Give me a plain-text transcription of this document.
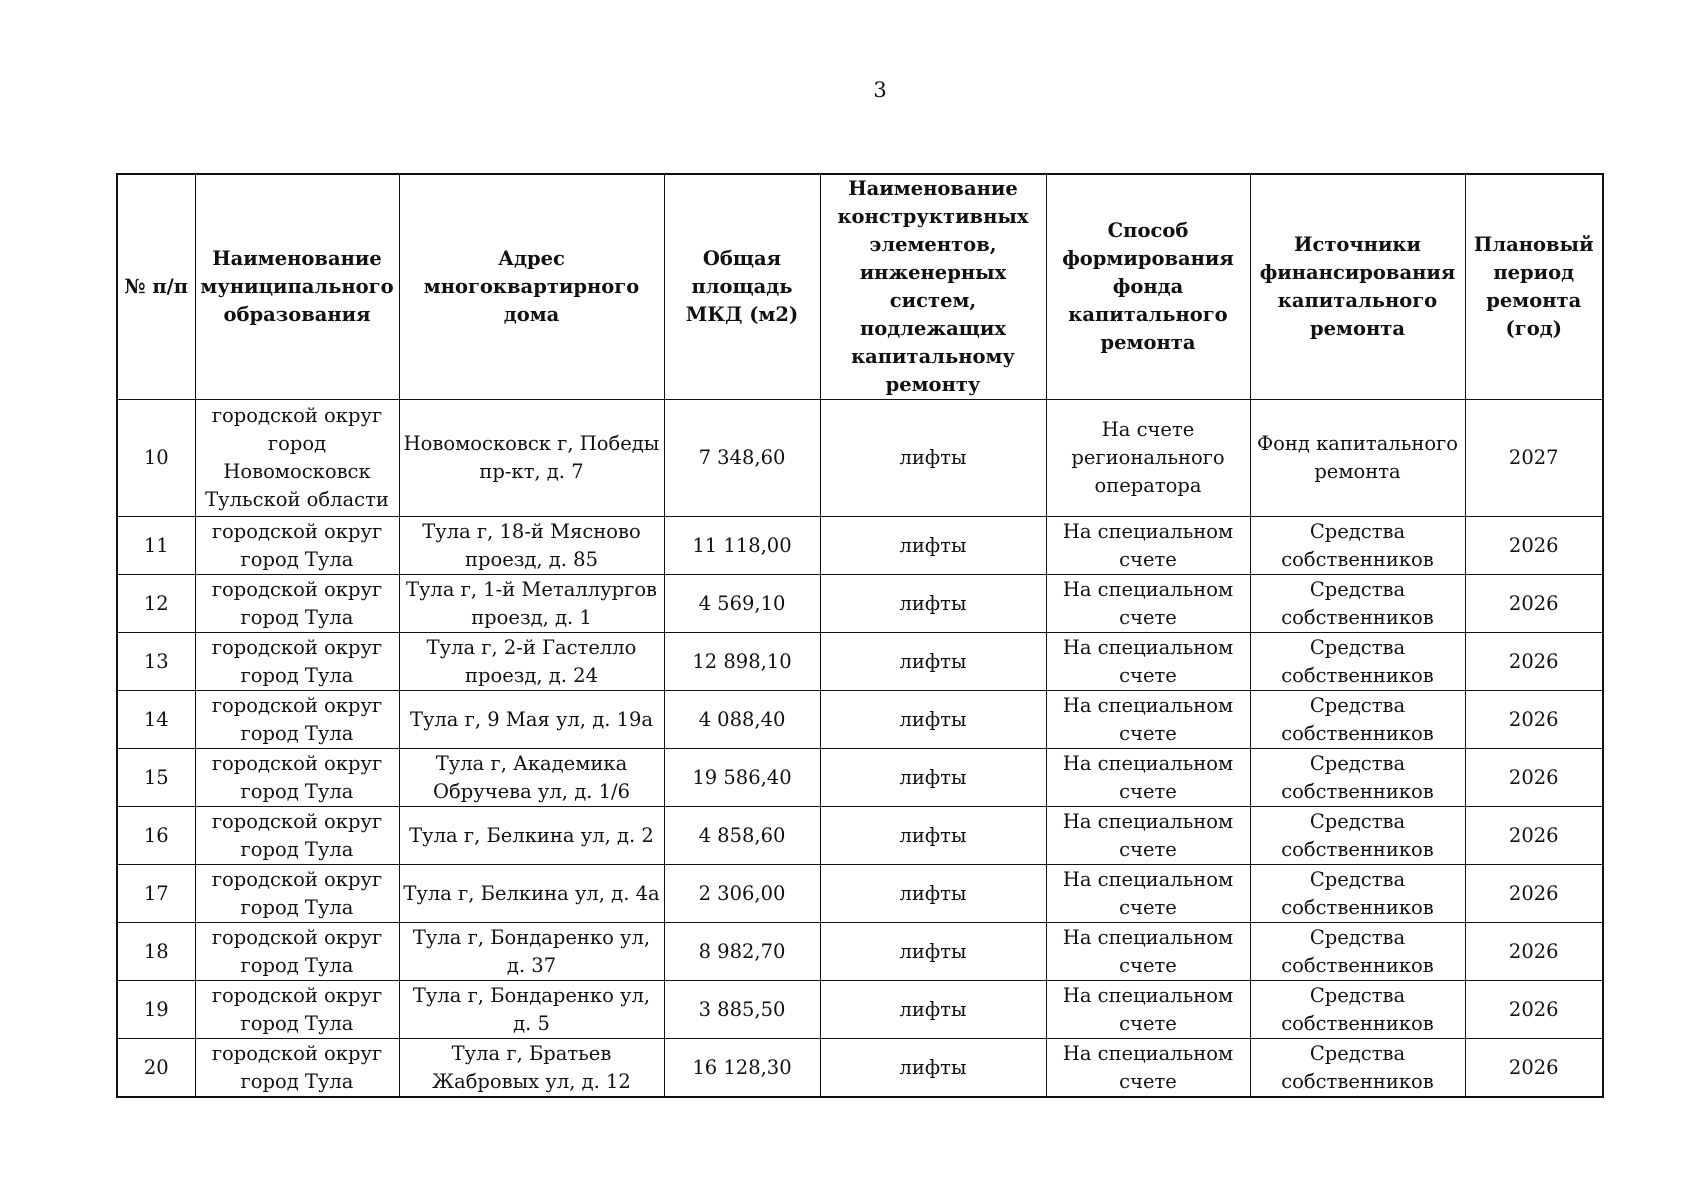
3
№ п/п	Наименование муниципального образования	Адрес многоквартирного дома	Общая площадь МКД (м2)	Наименование конструктивных элементов, инженерных систем, подлежащих капитальному ремонту	Способ формирования фонда капитального ремонта	Источники финансирования капитального ремонта	Плановый период ремонта (год)
10	городской округ город Новомосковск Тульской области	Новомосковск г, Победы пр-кт, д. 7	7 348,60	лифты	На счете регионального оператора	Фонд капитального ремонта	2027
11	городской округ город Тула	Тула г, 18-й Мясново проезд, д. 85	11 118,00	лифты	На специальном счете	Средства собственников	2026
12	городской округ город Тула	Тула г, 1-й Металлургов проезд, д. 1	4 569,10	лифты	На специальном счете	Средства собственников	2026
13	городской округ город Тула	Тула г, 2-й Гастелло проезд, д. 24	12 898,10	лифты	На специальном счете	Средства собственников	2026
14	городской округ город Тула	Тула г, 9 Мая ул, д. 19а	4 088,40	лифты	На специальном счете	Средства собственников	2026
15	городской округ город Тула	Тула г, Академика Обручева ул, д. 1/6	19 586,40	лифты	На специальном счете	Средства собственников	2026
16	городской округ город Тула	Тула г, Белкина ул, д. 2	4 858,60	лифты	На специальном счете	Средства собственников	2026
17	городской округ город Тула	Тула г, Белкина ул, д. 4а	2 306,00	лифты	На специальном счете	Средства собственников	2026
18	городской округ город Тула	Тула г, Бондаренко ул, д. 37	8 982,70	лифты	На специальном счете	Средства собственников	2026
19	городской округ город Тула	Тула г, Бондаренко ул, д. 5	3 885,50	лифты	На специальном счете	Средства собственников	2026
20	городской округ город Тула	Тула г, Братьев Жабровых ул, д. 12	16 128,30	лифты	На специальном счете	Средства собственников	2026
